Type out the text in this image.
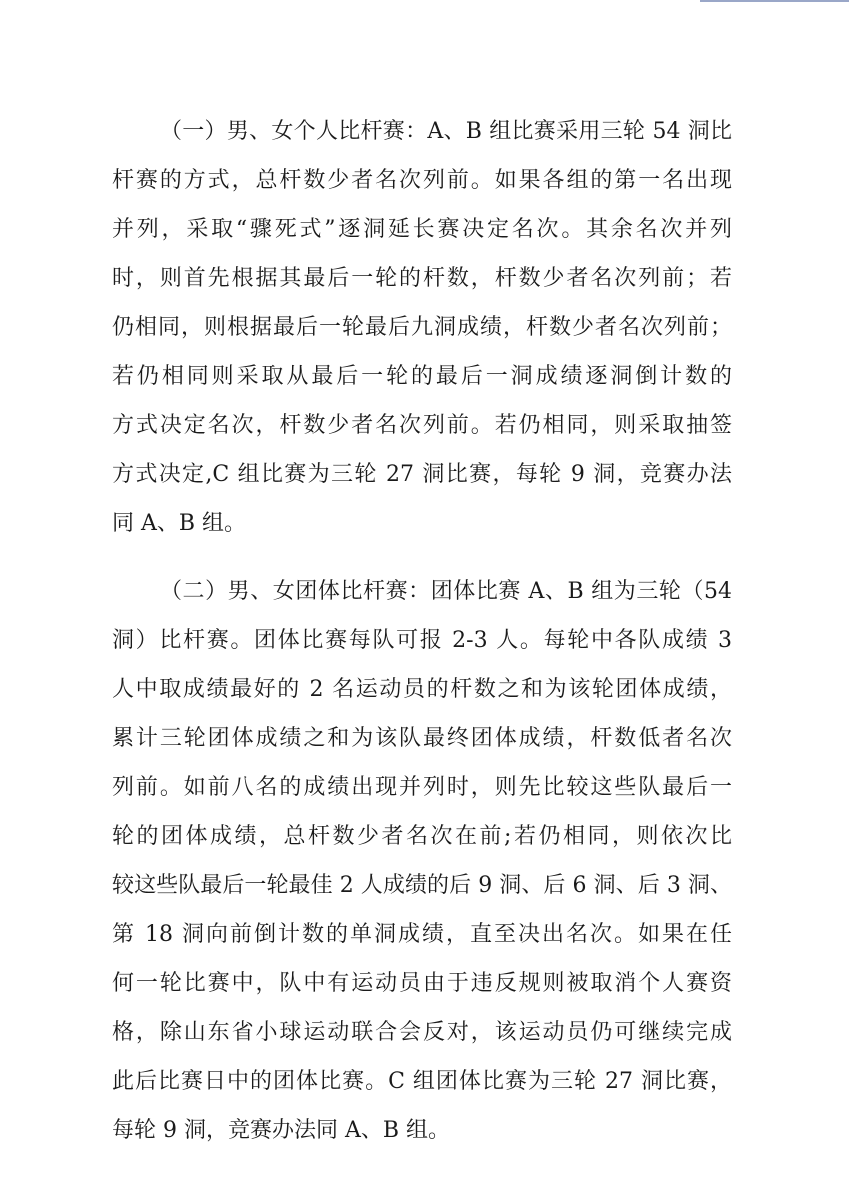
（一）男、女个人比杆赛：A、B 组比赛采用三轮 54 洞比
杆赛的方式，总杆数少者名次列前。如果各组的第一名出现
并列，采取“骤死式”逐洞延长赛决定名次。其余名次并列
时，则首先根据其最后一轮的杆数，杆数少者名次列前；若
仍相同，则根据最后一轮最后九洞成绩，杆数少者名次列前；
若仍相同则采取从最后一轮的最后一洞成绩逐洞倒计数的
方式决定名次，杆数少者名次列前。若仍相同，则采取抽签
方式决定,C 组比赛为三轮 27 洞比赛，每轮 9 洞，竞赛办法
同 A、B 组。
（二）男、女团体比杆赛：团体比赛 A、B 组为三轮（54
洞）比杆赛。团体比赛每队可报 2-3 人。每轮中各队成绩 3
人中取成绩最好的 2 名运动员的杆数之和为该轮团体成绩，
累计三轮团体成绩之和为该队最终团体成绩，杆数低者名次
列前。如前八名的成绩出现并列时，则先比较这些队最后一
轮的团体成绩，总杆数少者名次在前;若仍相同，则依次比
较这些队最后一轮最佳 2 人成绩的后 9 洞、后 6 洞、后 3 洞、
第 18 洞向前倒计数的单洞成绩，直至决出名次。如果在任
何一轮比赛中，队中有运动员由于违反规则被取消个人赛资
格，除山东省小球运动联合会反对，该运动员仍可继续完成
此后比赛日中的团体比赛。C 组团体比赛为三轮 27 洞比赛，
每轮 9 洞，竞赛办法同 A、B 组。
